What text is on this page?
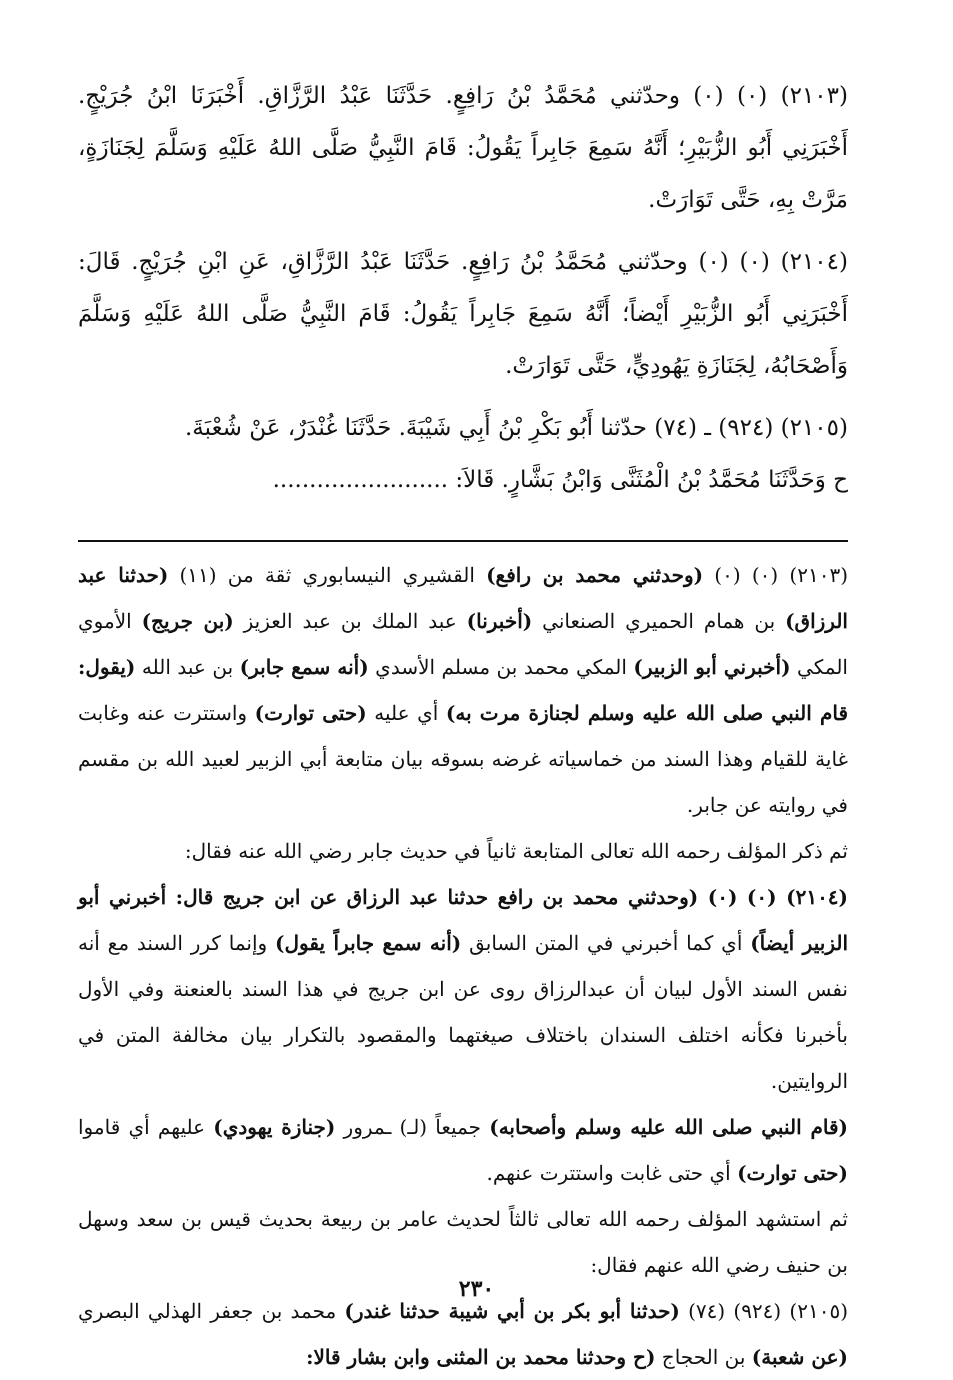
(٢١٠٣) (٠) (٠) وحدّثني مُحَمَّدُ بْنُ رَافِعٍ. حَدَّثَنَا عَبْدُ الرَّزَّاقِ. أَخْبَرَنَا ابْنُ جُرَيْجٍ. أَخْبَرَنِي أَبُو الزُّبَيْرِ؛ أَنَّهُ سَمِعَ جَابِراً يَقُولُ: قَامَ النَّبِيُّ صَلَّى اللهُ عَلَيْهِ وَسَلَّمَ لِجَنَازَةٍ، مَرَّتْ بِهِ، حَتَّى تَوَارَتْ.

(٢١٠٤) (٠) (٠) وحدّثني مُحَمَّدُ بْنُ رَافِعٍ. حَدَّثَنَا عَبْدُ الرَّزَّاقِ، عَنِ ابْنِ جُرَيْجٍ. قَالَ: أَخْبَرَنِي أَبُو الزُّبَيْرِ أَيْضاً؛ أَنَّهُ سَمِعَ جَابِراً يَقُولُ: قَامَ النَّبِيُّ صَلَّى اللهُ عَلَيْهِ وَسَلَّمَ وَأَصْحَابُهُ، لِجَنَازَةِ يَهُودِيٍّ، حَتَّى تَوَارَتْ.

(٢١٠٥) (٩٢٤) ـ (٧٤) حدّثنا أَبُو بَكْرِ بْنُ أَبِي شَيْبَةَ. حَدَّثَنَا غُنْدَرٌ، عَنْ شُعْبَةَ.
ح وَحَدَّثَنَا مُحَمَّدُ بْنُ الْمُثَنَّى وَابْنُ بَشَّارٍ. قَالاَ: ........................

(٢١٠٣) (٠) (٠) (وحدثني محمد بن رافع) القشيري النيسابوري ثقة من (١١) (حدثنا عبد الرزاق) بن همام الحميري الصنعاني (أخبرنا) عبد الملك بن عبد العزيز (بن جريج) الأموي المكي (أخبرني أبو الزبير) المكي محمد بن مسلم الأسدي (أنه سمع جابر) بن عبد الله (يقول: قام النبي صلى الله عليه وسلم لجنازة مرت به) أي عليه (حتى توارت) واستترت عنه وغابت غاية للقيام وهذا السند من خماسياته غرضه بسوقه بيان متابعة أبي الزبير لعبيد الله بن مقسم في روايته عن جابر.

ثم ذكر المؤلف رحمه الله تعالى المتابعة ثانياً في حديث جابر رضي الله عنه فقال:

(٢١٠٤) (٠) (٠) (وحدثني محمد بن رافع حدثنا عبد الرزاق عن ابن جريج قال: أخبرني أبو الزبير أيضاً) أي كما أخبرني في المتن السابق (أنه سمع جابراً يقول) وإنما كرر السند مع أنه نفس السند الأول لبيان أن عبدالرزاق روى عن ابن جريج في هذا السند بالعنعنة وفي الأول بأخبرنا فكأنه اختلف السندان باختلاف صيغتهما والمقصود بالتكرار بيان مخالفة المتن في الروايتين.

(قام النبي صلى الله عليه وسلم وأصحابه) جميعاً (لـ) ـمرور (جنازة يهودي) عليهم أي قاموا (حتى توارت) أي حتى غابت واستترت عنهم.

ثم استشهد المؤلف رحمه الله تعالى ثالثاً لحديث عامر بن ربيعة بحديث قيس بن سعد وسهل بن حنيف رضي الله عنهم فقال:

(٢١٠٥) (٩٢٤) (٧٤) (حدثنا أبو بكر بن أبي شيبة حدثنا غندر) محمد بن جعفر الهذلي البصري (عن شعبة) بن الحجاج (ح وحدثنا محمد بن المثنى وابن بشار قالا:

٢٣٠
